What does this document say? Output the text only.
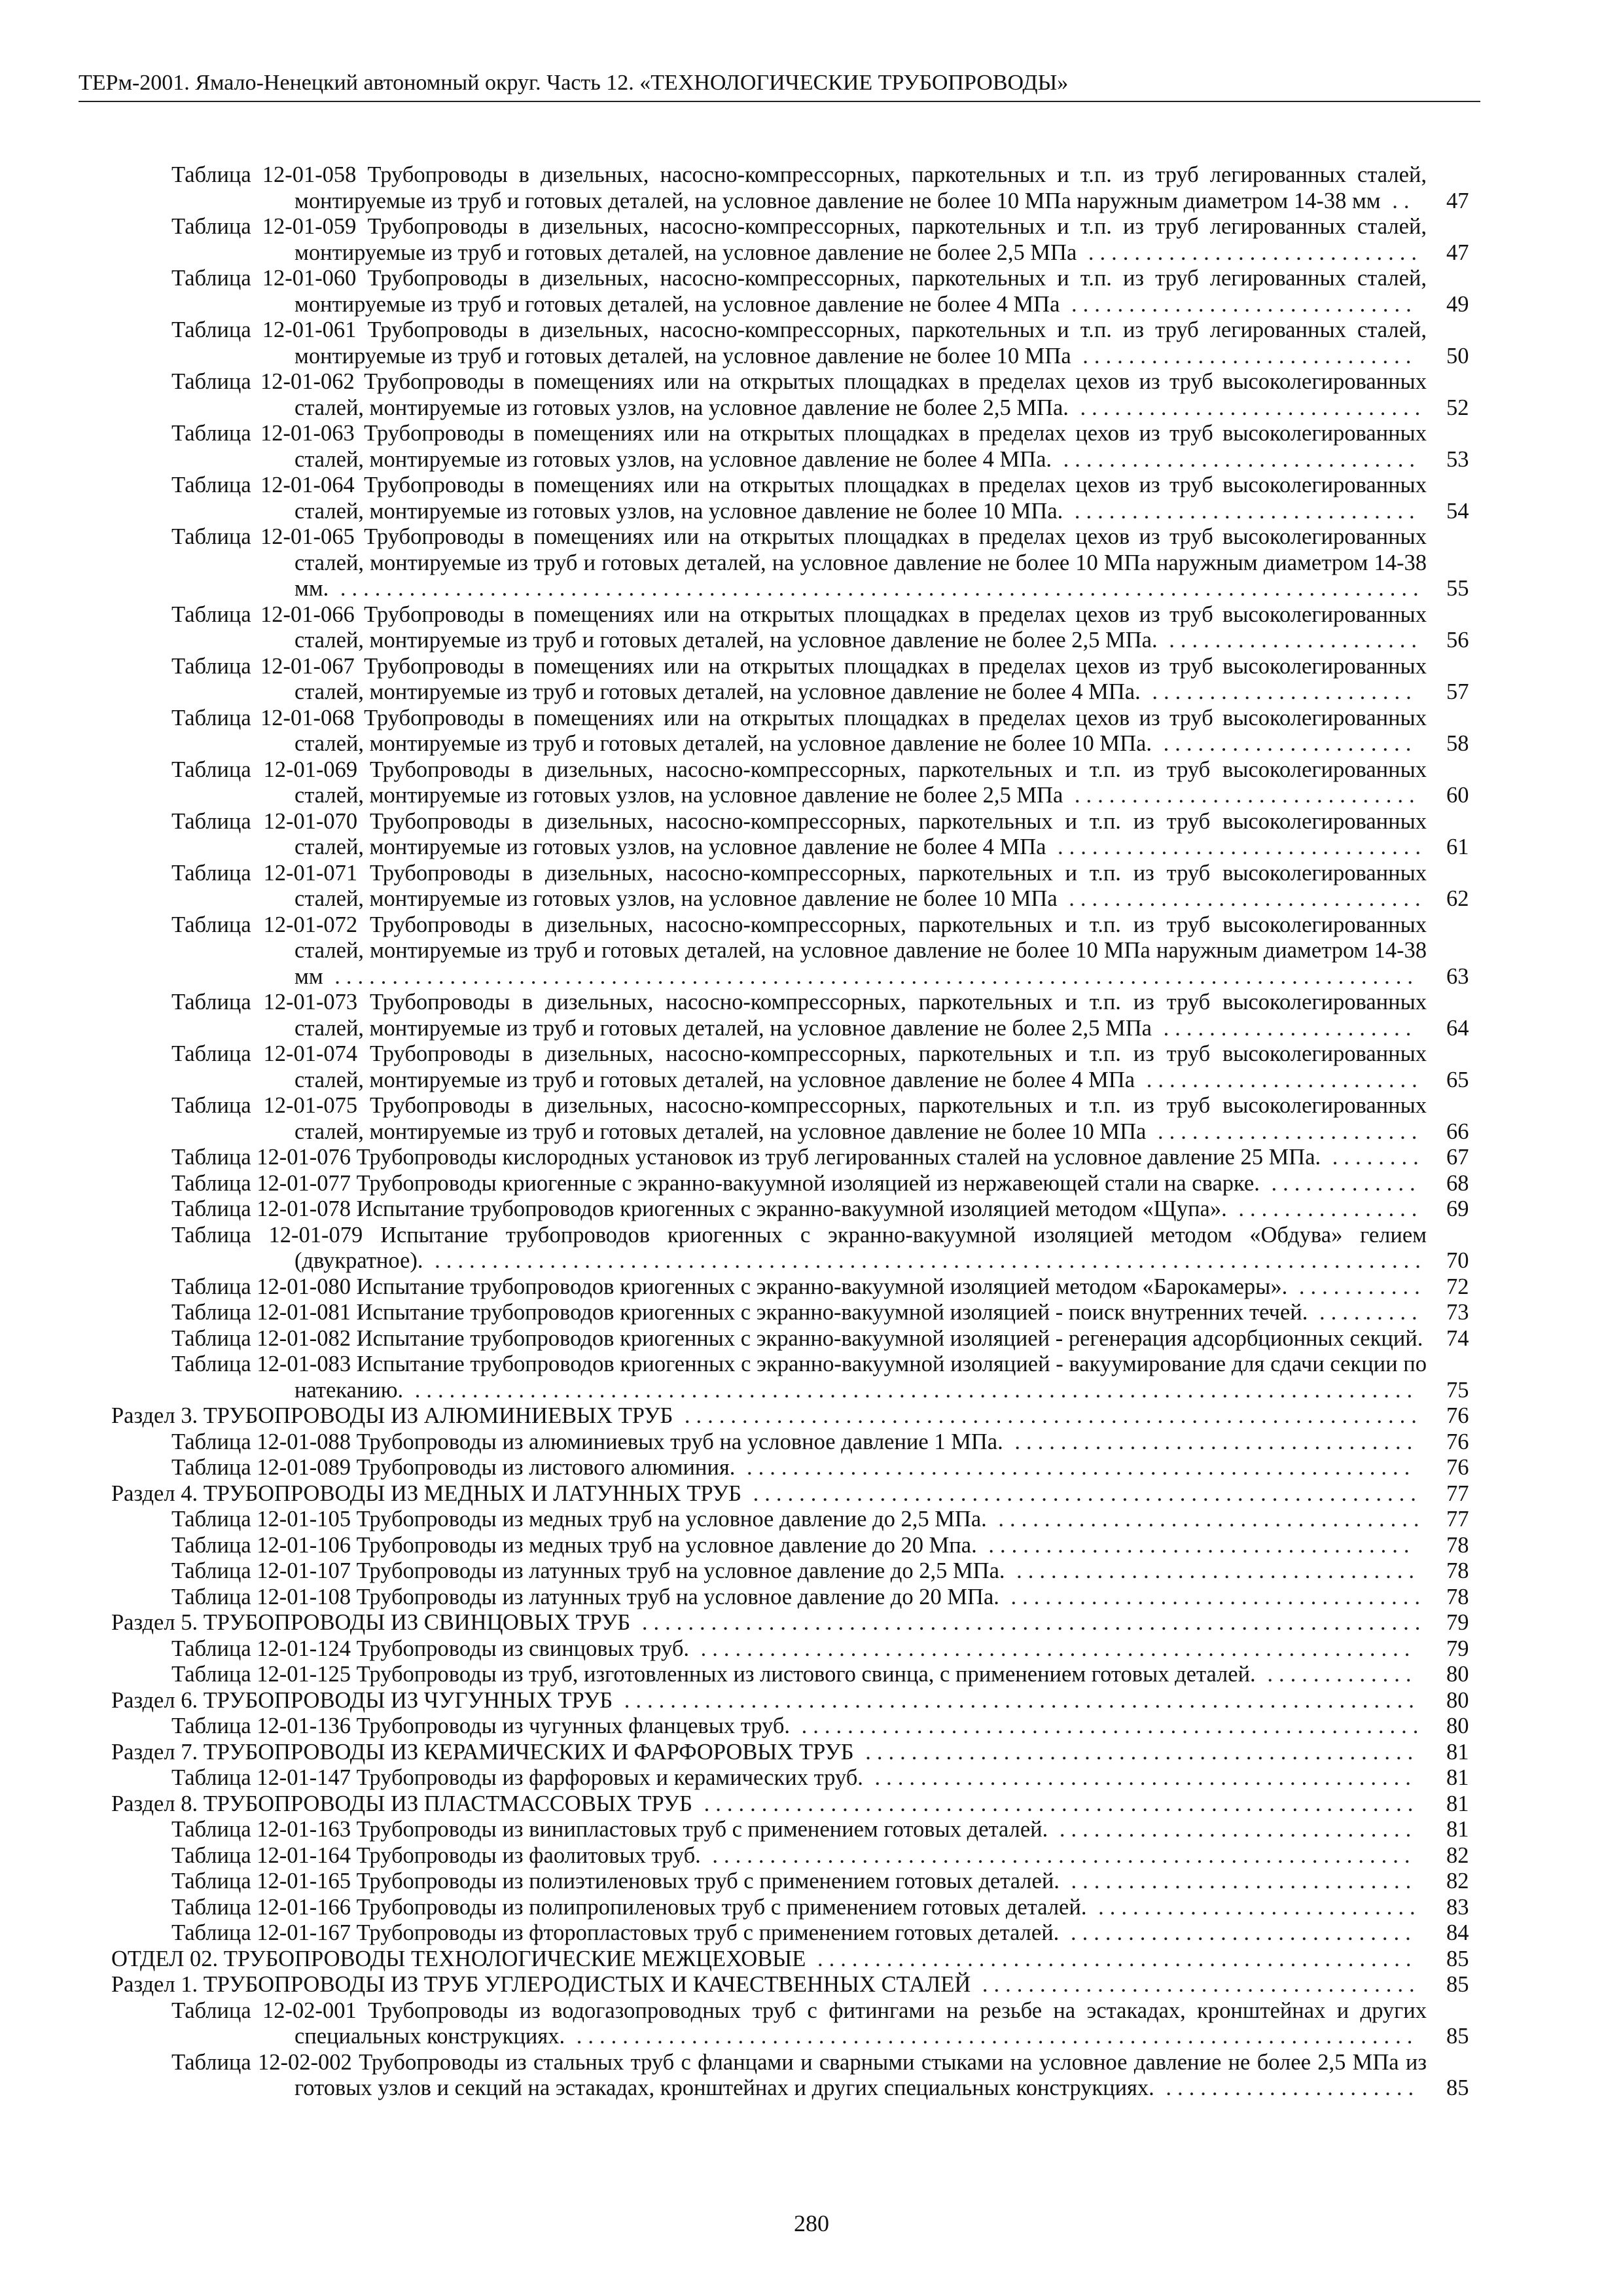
ТЕРм-2001. Ямало-Ненецкий автономный округ. Часть 12. «ТЕХНОЛОГИЧЕСКИЕ ТРУБОПРОВОДЫ»
Таблица 12-01-058 Трубопроводы в дизельных, насосно-компрессорных, паркотельных и т.п. из труб легированных сталей, монтируемые из труб и готовых деталей, на условное давление не более 10 МПа наружным диаметром 14-38 мм ..	47
Таблица 12-01-059 Трубопроводы в дизельных, насосно-компрессорных, паркотельных и т.п. из труб легированных сталей, монтируемые из труб и готовых деталей, на условное давление не более 2,5 МПа ............................. 47
Таблица 12-01-060 Трубопроводы в дизельных, насосно-компрессорных, паркотельных и т.п. из труб легированных сталей, монтируемые из труб и готовых деталей, на условное давление не более 4 МПа ..............................	49
Таблица 12-01-061 Трубопроводы в дизельных, насосно-компрессорных, паркотельных и т.п. из труб легированных сталей, монтируемые из труб и готовых деталей, на условное давление не более 10 МПа .............................	50
Таблица 12-01-062 Трубопроводы в помещениях или на открытых площадках в пределах цехов из труб высоколегированных сталей, монтируемые из готовых узлов, на условное давление не более 2,5 МПа. .............................. 52
Таблица 12-01-063 Трубопроводы в помещениях или на открытых площадках в пределах цехов из труб высоколегированных сталей, монтируемые из готовых узлов, на условное давление не более 4 МПа. ............................... 53
Таблица 12-01-064 Трубопроводы в помещениях или на открытых площадках в пределах цехов из труб высоколегированных сталей, монтируемые из готовых узлов, на условное давление не более 10 МПа. .............................. 54
Таблица 12-01-065 Трубопроводы в помещениях или на открытых площадках в пределах цехов из труб высоколегированных сталей, монтируемые из труб и готовых деталей, на условное давление не более 10 МПа наружным диаметром 14-38 мм. .............................................................................................. 55
Таблица 12-01-066 Трубопроводы в помещениях или на открытых площадках в пределах цехов из труб высоколегированных сталей, монтируемые из труб и готовых деталей, на условное давление не более 2,5 МПа. ...................... 56
Таблица 12-01-067 Трубопроводы в помещениях или на открытых площадках в пределах цехов из труб высоколегированных сталей, монтируемые из труб и готовых деталей, на условное давление не более 4 МПа. .......................	57
Таблица 12-01-068 Трубопроводы в помещениях или на открытых площадках в пределах цехов из труб высоколегированных сталей, монтируемые из труб и готовых деталей, на условное давление не более 10 МПа. ......................	58
Таблица 12-01-069 Трубопроводы в дизельных, насосно-компрессорных, паркотельных и т.п. из труб высоколегированных сталей, монтируемые из готовых узлов, на условное давление не более 2,5 МПа .............................. 60
Таблица 12-01-070 Трубопроводы в дизельных, насосно-компрессорных, паркотельных и т.п. из труб высоколегированных сталей, монтируемые из готовых узлов, на условное давление не более 4 МПа ................................ 61
Таблица 12-01-071 Трубопроводы в дизельных, насосно-компрессорных, паркотельных и т.п. из труб высоколегированных сталей, монтируемые из готовых узлов, на условное давление не более 10 МПа ............................... 62
Таблица 12-01-072 Трубопроводы в дизельных, насосно-компрессорных, паркотельных и т.п. из труб высоколегированных сталей, монтируемые из труб и готовых деталей, на условное давление не более 10 МПа наружным диаметром 14-38 мм ..............................................................................................	63
Таблица 12-01-073 Трубопроводы в дизельных, насосно-компрессорных, паркотельных и т.п. из труб высоколегированных сталей, монтируемые из труб и готовых деталей, на условное давление не более 2,5 МПа ......................	64
Таблица 12-01-074 Трубопроводы в дизельных, насосно-компрессорных, паркотельных и т.п. из труб высоколегированных сталей, монтируемые из труб и готовых деталей, на условное давление не более 4 МПа ........................ 65
Таблица 12-01-075 Трубопроводы в дизельных, насосно-компрессорных, паркотельных и т.п. из труб высоколегированных сталей, монтируемые из труб и готовых деталей, на условное давление не более 10 МПа ....................... 66
Таблица 12-01-076 Трубопроводы кислородных установок из труб легированных сталей на условное давление 25 МПа. ........ 67
Таблица 12-01-077 Трубопроводы криогенные с экранно-вакуумной изоляцией из нержавеющей стали на сварке. ............. 68
Таблица 12-01-078 Испытание трубопроводов криогенных с экранно-вакуумной изоляцией методом «Щупа». ................ 69
Таблица 12-01-079 Испытание трубопроводов криогенных с экранно-вакуумной изоляцией методом «Обдува» гелием (двукратное). ...................................................................................... 70
Таблица 12-01-080 Испытание трубопроводов криогенных с экранно-вакуумной изоляцией методом «Барокамеры». ........... 72
Таблица 12-01-081 Испытание трубопроводов криогенных с экранно-вакуумной изоляцией - поиск внутренних течей. ......... 73
Таблица 12-01-082 Испытание трубопроводов криогенных с экранно-вакуумной изоляцией - регенерация адсорбционных секций. 74
Таблица 12-01-083 Испытание трубопроводов криогенных с экранно-вакуумной изоляцией - вакуумирование для сдачи секции по натеканию. .......................................................................................	75
Раздел 3. ТРУБОПРОВОДЫ ИЗ АЛЮМИНИЕВЫХ ТРУБ ................................................................ 76
Таблица 12-01-088 Трубопроводы из алюминиевых труб на условное давление 1 МПа. ...................................	76
Таблица 12-01-089 Трубопроводы из листового алюминия. ..........................................................	76
Раздел 4. ТРУБОПРОВОДЫ ИЗ МЕДНЫХ И ЛАТУННЫХ ТРУБ .......................................................... 77
Таблица 12-01-105 Трубопроводы из медных труб на условное давление до 2,5 МПа. ..................................... 77
Таблица 12-01-106 Трубопроводы из медных труб на условное давление до 20 Мпа. .....................................	78
Таблица 12-01-107 Трубопроводы из латунных труб на условное давление до 2,5 МПа. ................................... 78
Таблица 12-01-108 Трубопроводы из латунных труб на условное давление до 20 МПа. .................................... 78
Раздел 5. ТРУБОПРОВОДЫ ИЗ СВИНЦОВЫХ ТРУБ .................................................................... 79
Таблица 12-01-124 Трубопроводы из свинцовых труб. ..............................................................	79
Таблица 12-01-125 Трубопроводы из труб, изготовленных из листового свинца, с применением готовых деталей. .............	80
Раздел 6. ТРУБОПРОВОДЫ ИЗ ЧУГУННЫХ ТРУБ ..................................................................... 80
Таблица 12-01-136 Трубопроводы из чугунных фланцевых труб. ...................................................... 80
Раздел 7. ТРУБОПРОВОДЫ ИЗ КЕРАМИЧЕСКИХ И ФАРФОРОВЫХ ТРУБ ................................................	81
Таблица 12-01-147 Трубопроводы из фарфоровых и керамических труб. ...............................................	81
Раздел 8. ТРУБОПРОВОДЫ ИЗ ПЛАСТМАССОВЫХ ТРУБ ..............................................................	81
Таблица 12-01-163 Трубопроводы из винипластовых труб с применением готовых деталей. ...............................	81
Таблица 12-01-164 Трубопроводы из фаолитовых труб. .............................................................	82
Таблица 12-01-165 Трубопроводы из полиэтиленовых труб с применением готовых деталей. ..............................	82
Таблица 12-01-166 Трубопроводы из полипропиленовых труб с применением готовых деталей. ............................ 83
Таблица 12-01-167 Трубопроводы из фторопластовых труб с применением готовых деталей. ..............................	84
ОТДЕЛ 02. ТРУБОПРОВОДЫ ТЕХНОЛОГИЧЕСКИЕ МЕЖЦЕХОВЫЕ ....................................................	85
Раздел 1. ТРУБОПРОВОДЫ ИЗ ТРУБ УГЛЕРОДИСТЫХ И КАЧЕСТВЕННЫХ СТАЛЕЙ ...................................... 85
Таблица 12-02-001 Трубопроводы из водогазопроводных труб с фитингами на резьбе на эстакадах, кронштейнах и других специальных конструкциях. .........................................................................	85
Таблица 12-02-002 Трубопроводы из стальных труб с фланцами и сварными стыками на условное давление не более 2,5 МПа из готовых узлов и секций на эстакадах, кронштейнах и других специальных конструкциях. ......................	85
280
